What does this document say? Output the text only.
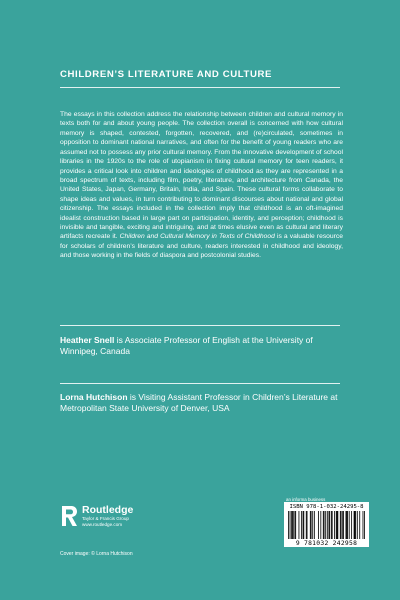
CHILDREN’S LITERATURE AND CULTURE

The essays in this collection address the relationship between children and cultural memory in texts both for and about young people. The collection overall is concerned with how cultural memory is shaped, contested, forgotten, recovered, and (re)circulated, sometimes in opposition to dominant national narratives, and often for the benefit of young readers who are assumed not to possess any prior cultural memory. From the innovative development of school libraries in the 1920s to the role of utopianism in fixing cultural memory for teen readers, it provides a critical look into children and ideologies of childhood as they are represented in a broad spectrum of texts, including film, poetry, literature, and architecture from Canada, the United States, Japan, Germany, Britain, India, and Spain. These cultural forms collaborate to shape ideas and values, in turn contributing to dominant discourses about national and global citizenship. The essays included in the collection imply that childhood is an oft-imagined idealist construction based in large part on participation, identity, and perception; childhood is invisible and tangible, exciting and intriguing, and at times elusive even as cultural and literary artifacts recreate it. Children and Cultural Memory in Texts of Childhood is a valuable resource for scholars of children’s literature and culture, readers interested in childhood and ideology, and those working in the fields of diaspora and postcolonial studies.

Heather Snell is Associate Professor of English at the University of Winnipeg, Canada

Lorna Hutchison is Visiting Assistant Professor in Children’s Literature at Metropolitan State University of Denver, USA

Routledge
Taylor & Francis Group
www.routledge.com
Cover image: © Lorna Hutchison
an informa business
ISBN 978-1-032-24295-8
9 781032 242958
